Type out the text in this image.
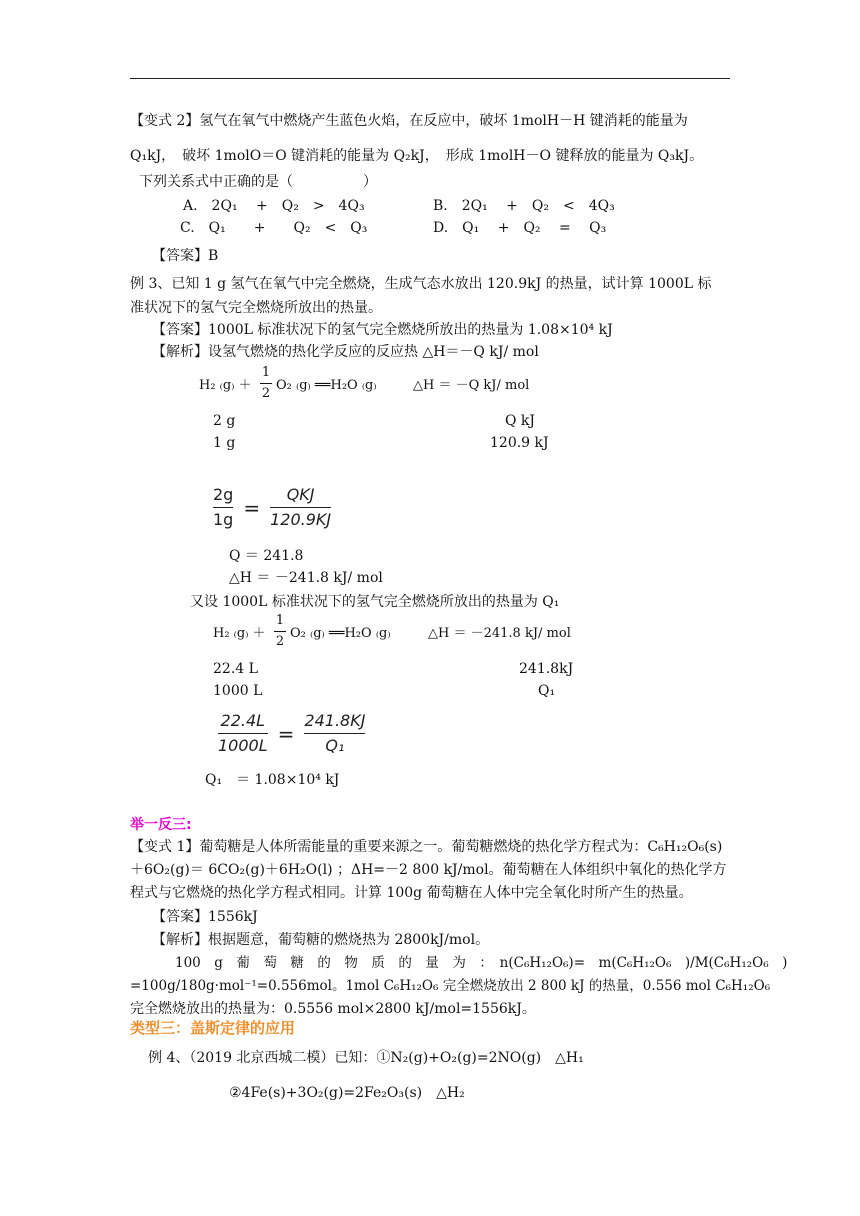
【变式 2】氢气在氧气中燃烧产生蓝色火焰，在反应中，破坏 1molH－H 键消耗的能量为
Q₁kJ，　破坏 1molO＝O 键消耗的能量为 Q₂kJ，　形成 1molH－O 键释放的能量为 Q₃kJ。
下列关系式中正确的是（　　　　　）
A.　2Q₁　 +　Q₂　>　4Q₃	B.　2Q₁　 +　Q₂　<　4Q₃
C.　Q₁　　+　　Q₂　<　Q₃	D.　Q₁　 +　Q₂　 =　 Q₃
【答案】B
例 3、已知 1 g 氢气在氧气中完全燃烧，生成气态水放出 120.9kJ 的热量，试计算 1000L 标
准状况下的氢气完全燃烧所放出的热量。
【答案】1000L 标准状况下的氢气完全燃烧所放出的热量为 1.08×10⁴ kJ
【解析】设氢气燃烧的热化学反应的反应热 △H＝－Q kJ/ mol
H₂ ₍g₎ ＋
1
2
O₂ ₍g₎ ══H₂O ₍g₎	△H ＝ －Q kJ/ mol
2 g	Q kJ
1 g	120.9 kJ
$\frac{2g}{1g}$ =
QKJ
120.9KJ
Q ＝ 241.8
△H ＝ －241.8 kJ/ mol
又设 1000L 标准状况下的氢气完全燃烧所放出的热量为 Q₁
H₂ ₍g₎ ＋
1
2
O₂ ₍g₎ ══H₂O ₍g₎	△H ＝ －241.8 kJ/ mol
22.4 L	241.8kJ
1000 L	Q₁
$\frac{22.4L}{1000L} = \frac{241.8KJ}{\text{Q₁}}$
Q₁　＝ 1.08×10⁴ kJ
举一反三:
【变式 1】葡萄糖是人体所需能量的重要来源之一。葡萄糖燃烧的热化学方程式为：C₆H₁₂O₆(s)
＋6O₂(g)＝ 6CO₂(g)＋6H₂O(l) ；ΔH=－2 800 kJ/mol。葡萄糖在人体组织中氧化的热化学方
程式与它燃烧的热化学方程式相同。计算 100g 葡萄糖在人体中完全氧化时所产生的热量。
【答案】1556kJ
【解析】根据题意，葡萄糖的燃烧热为 2800kJ/mol。
100　g　葡　萄　糖　的　物　质　的　量　为　：　n(C₆H₁₂O₆)=　m(C₆H₁₂O₆　)/M(C₆H₁₂O₆　)
=100g/180g·mol⁻¹=0.556mol。1mol C₆H₁₂O₆ 完全燃烧放出 2 800 kJ 的热量，0.556 mol C₆H₁₂O₆
完全燃烧放出的热量为：0.5556 mol×2800 kJ/mol=1556kJ。
类型三：盖斯定律的应用
例 4、（2019 北京西城二模）已知：①N₂(g)+O₂(g)=2NO(g)　△H₁
②4Fe(s)+3O₂(g)=2Fe₂O₃(s)　△H₂
